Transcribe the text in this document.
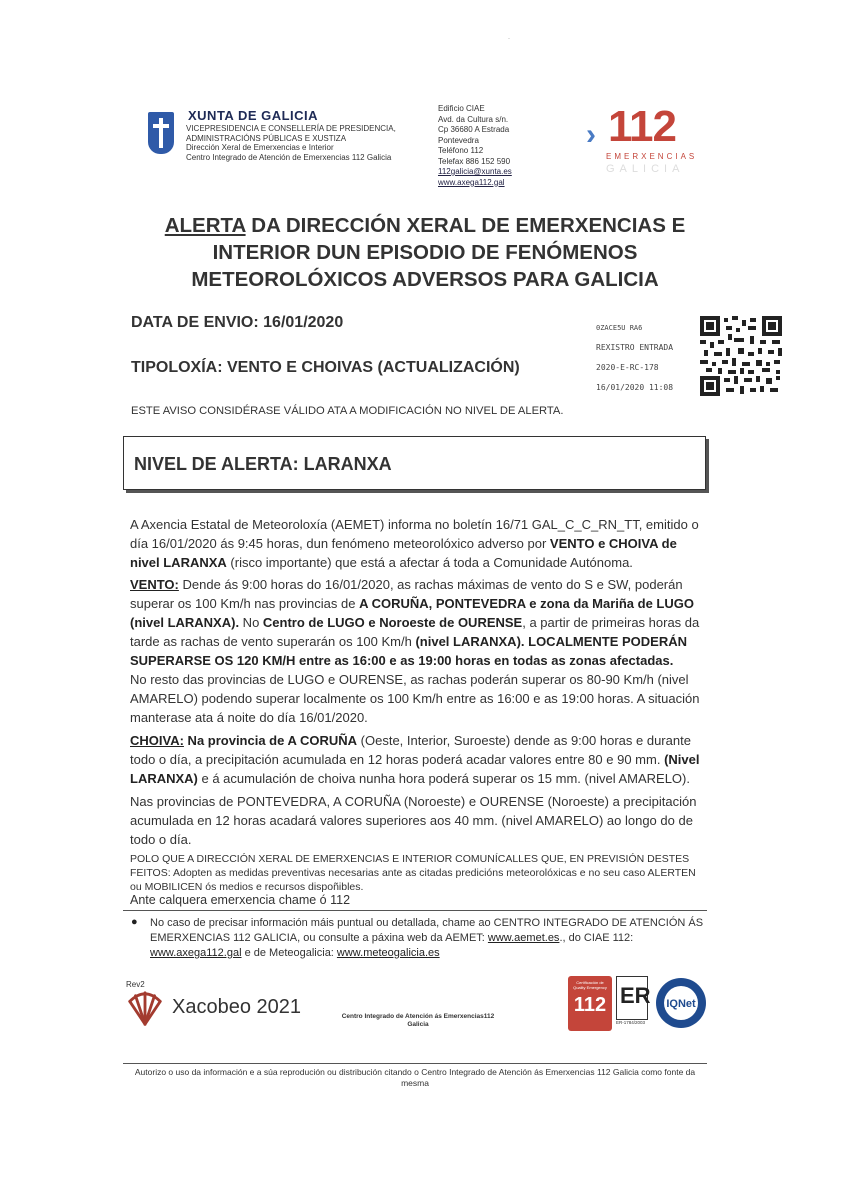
XUNTA DE GALICIA
VICEPRESIDENCIA E CONSELLERÍA DE PRESIDENCIA,
ADMINISTRACIÓNS PÚBLICAS E XUSTIZA
Dirección Xeral de Emerxencias e Interior
Centro Integrado de Atención de Emerxencias 112 Galicia
Edificio CIAE
Avd. da Cultura s/n.
Cp 36680 A Estrada
Pontevedra
Teléfono 112
Telefax 886 152 590
112galicia@xunta.es
www.axega112.gal
·
› 112
EMERXENCIAS
GALICIA
ALERTA DA DIRECCIÓN XERAL DE EMERXENCIAS E
INTERIOR DUN EPISODIO DE FENÓMENOS
METEOROLÓXICOS ADVERSOS PARA GALICIA
DATA DE ENVIO: 16/01/2020
TIPOLOXÍA: VENTO E CHOIVAS (ACTUALIZACIÓN)
0ZACE5U RA6
REXISTRO ENTRADA
2020-E-RC-178
16/01/2020 11:08
ESTE AVISO CONSIDÉRASE VÁLIDO ATA A MODIFICACIÓN NO NIVEL DE ALERTA.
NIVEL DE ALERTA: LARANXA
A Axencia Estatal de Meteoroloxía (AEMET) informa no boletín 16/71 GAL_C_C_RN_TT, emitido o día 16/01/2020 ás 9:45 horas, dun fenómeno meteorolóxico adverso por VENTO e CHOIVA de nivel LARANXA (risco importante) que está a afectar á toda a Comunidade Autónoma.
VENTO: Dende ás 9:00 horas do 16/01/2020, as rachas máximas de vento do S e SW, poderán superar os 100 Km/h nas provincias de A CORUÑA, PONTEVEDRA e zona da Mariña de LUGO (nivel LARANXA). No Centro de LUGO e Noroeste de OURENSE, a partir de primeiras horas da tarde as rachas de vento superarán os 100 Km/h (nivel LARANXA). LOCALMENTE PODERÁN SUPERARSE OS 120 KM/H entre as 16:00 e as 19:00 horas en todas as zonas afectadas.
No resto das provincias de LUGO e OURENSE, as rachas poderán superar os 80-90 Km/h (nivel AMARELO) podendo superar localmente os 100 Km/h entre as 16:00 e as 19:00 horas. A situación manterase ata á noite do día 16/01/2020.
CHOIVA: Na provincia de A CORUÑA (Oeste, Interior, Suroeste) dende as 9:00 horas e durante todo o día, a precipitación acumulada en 12 horas poderá acadar valores entre 80 e 90 mm. (Nivel LARANXA) e á acumulación de choiva nunha hora poderá superar os 15 mm. (nivel AMARELO).
Nas provincias de PONTEVEDRA, A CORUÑA (Noroeste) e OURENSE (Noroeste) a precipitación acumulada en 12 horas acadará valores superiores aos 40 mm. (nivel AMARELO) ao longo do de todo o día.
POLO QUE A DIRECCIÓN XERAL DE EMERXENCIAS E INTERIOR COMUNÍCALLES QUE, EN PREVISIÓN DESTES FEITOS: Adopten as medidas preventivas necesarias ante as citadas predicións meteorolóxicas e no seu caso ALERTEN ou MOBILICEN ós medios e recursos dispoñibles.
Ante calquera emerxencia chame ó 112
● No caso de precisar información máis puntual ou detallada, chame ao CENTRO INTEGRADO DE ATENCIÓN ÁS EMERXENCIAS 112 GALICIA, ou consulte a páxina web da AEMET: www.aemet.es., do CIAE 112: www.axega112.gal e de Meteogalicia: www.meteogalicia.es
Rev2
Xacobeo 2021	Centro Integrado de Atención ás Emerxencias112 Galicia
Certificación de Quality Emergency
112 ER
ER-1784/2003
IQNet
Autorizo o uso da información e a súa reprodución ou distribución citando o Centro Integrado de Atención ás Emerxencias 112 Galicia como fonte da mesma
